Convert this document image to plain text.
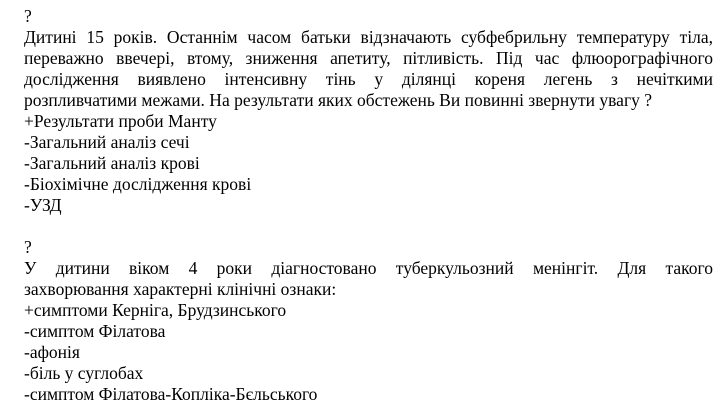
?
Дитині 15 років. Останнім часом батьки відзначають субфебрильну температуру тіла,
переважно ввечері, втому, зниження апетиту, пітливість. Під час флюорографічного
дослідження виявлено інтенсивну тінь у ділянці кореня легень з нечіткими
розпливчатими межами. На результати яких обстежень Ви повинні звернути увагу ?
+Результати проби Манту
-Загальний аналіз сечі
-Загальний аналіз крові
-Біохімічне дослідження крові
-УЗД
?
У дитини віком 4 роки діагностовано туберкульозний менінгіт. Для такого
захворювання характерні клінічні ознаки:
+симптоми Керніга, Брудзинського
-симптом Філатова
-афонія
-біль у суглобах
-симптом Філатова-Копліка-Бєльського
